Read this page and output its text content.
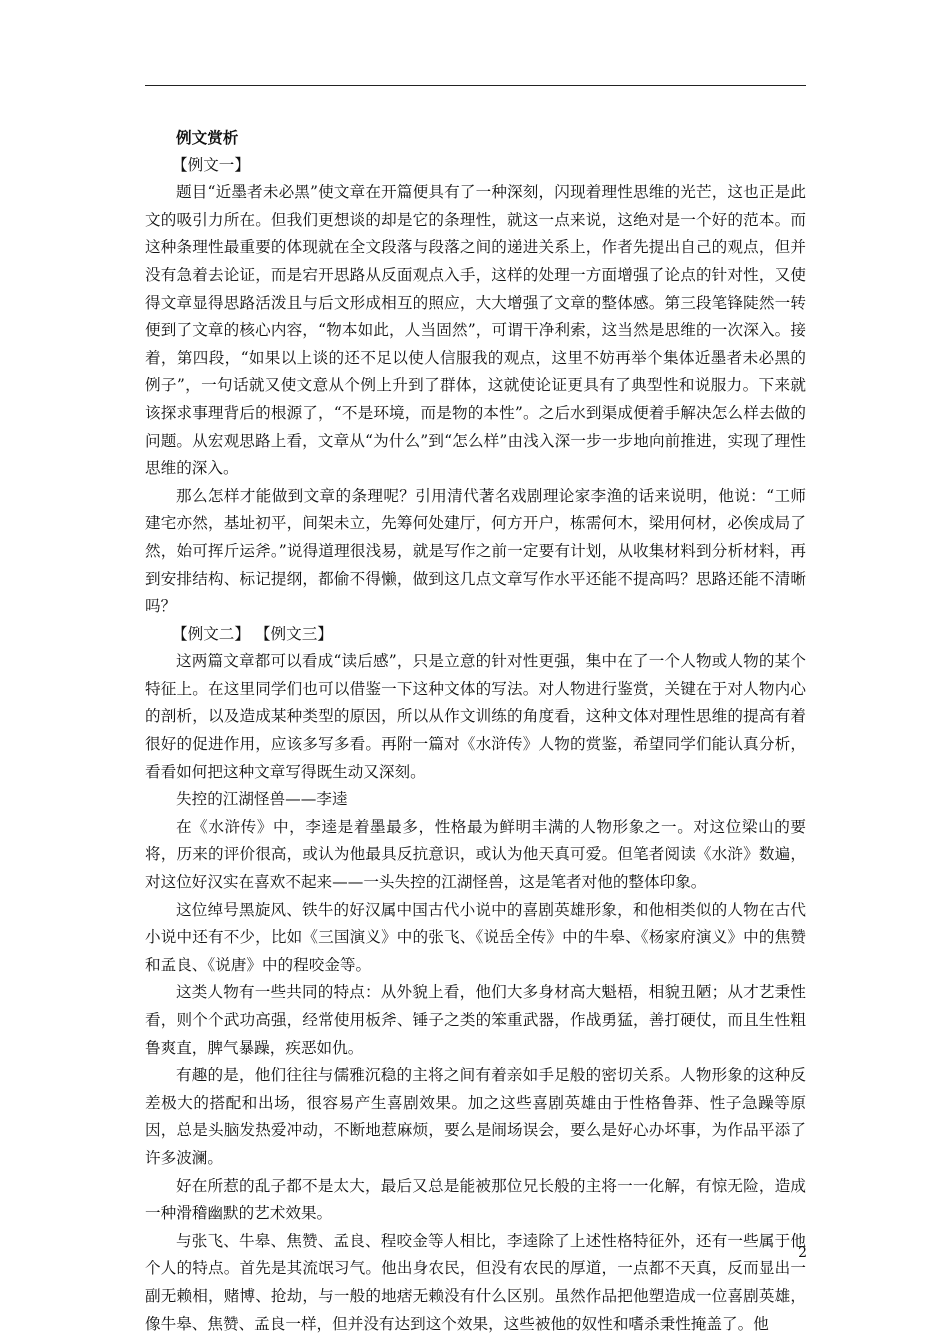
例文赏析

【例文一】

题目“近墨者未必黑”使文章在开篇便具有了一种深刻，闪现着理性思维的光芒，这也正是此文的吸引力所在。但我们更想谈的却是它的条理性，就这一点来说，这绝对是一个好的范本。而这种条理性最重要的体现就在全文段落与段落之间的递进关系上，作者先提出自己的观点，但并没有急着去论证，而是宕开思路从反面观点入手，这样的处理一方面增强了论点的针对性，又使得文章显得思路活泼且与后文形成相互的照应，大大增强了文章的整体感。第三段笔锋陡然一转便到了文章的核心内容，“物本如此，人当固然”，可谓干净利索，这当然是思维的一次深入。接着，第四段，“如果以上谈的还不足以使人信服我的观点，这里不妨再举个集体近墨者未必黑的例子”，一句话就又使文意从个例上升到了群体，这就使论证更具有了典型性和说服力。下来就该探求事理背后的根源了，“不是环境，而是物的本性”。之后水到渠成便着手解决怎么样去做的问题。从宏观思路上看，文章从“为什么”到“怎么样”由浅入深一步一步地向前推进，实现了理性思维的深入。

那么怎样才能做到文章的条理呢？引用清代著名戏剧理论家李渔的话来说明，他说：“工师建宅亦然，基址初平，间架未立，先筹何处建厅，何方开户，栋需何木，梁用何材，必俟成局了然，始可挥斤运斧。”说得道理很浅易，就是写作之前一定要有计划，从收集材料到分析材料，再到安排结构、标记提纲，都偷不得懒，做到这几点文章写作水平还能不提高吗？思路还能不清晰吗？

【例文二】 【例文三】

这两篇文章都可以看成“读后感”，只是立意的针对性更强，集中在了一个人物或人物的某个特征上。在这里同学们也可以借鉴一下这种文体的写法。对人物进行鉴赏，关键在于对人物内心的剖析，以及造成某种类型的原因，所以从作文训练的角度看，这种文体对理性思维的提高有着很好的促进作用，应该多写多看。再附一篇对《水浒传》人物的赏鉴，希望同学们能认真分析，看看如何把这种文章写得既生动又深刻。

失控的江湖怪兽——李逵

在《水浒传》中，李逵是着墨最多，性格最为鲜明丰满的人物形象之一。对这位梁山的要将，历来的评价很高，或认为他最具反抗意识，或认为他天真可爱。但笔者阅读《水浒》数遍，对这位好汉实在喜欢不起来——一头失控的江湖怪兽，这是笔者对他的整体印象。

这位绰号黑旋风、铁牛的好汉属中国古代小说中的喜剧英雄形象，和他相类似的人物在古代小说中还有不少，比如《三国演义》中的张飞、《说岳全传》中的牛皋、《杨家府演义》中的焦赞和孟良、《说唐》中的程咬金等。

这类人物有一些共同的特点：从外貌上看，他们大多身材高大魁梧，相貌丑陋；从才艺秉性看，则个个武功高强，经常使用板斧、锤子之类的笨重武器，作战勇猛，善打硬仗，而且生性粗鲁爽直，脾气暴躁，疾恶如仇。

有趣的是，他们往往与儒雅沉稳的主将之间有着亲如手足般的密切关系。人物形象的这种反差极大的搭配和出场，很容易产生喜剧效果。加之这些喜剧英雄由于性格鲁莽、性子急躁等原因，总是头脑发热爱冲动，不断地惹麻烦，要么是闹场误会，要么是好心办坏事，为作品平添了许多波澜。

好在所惹的乱子都不是太大，最后又总是能被那位兄长般的主将一一化解，有惊无险，造成一种滑稽幽默的艺术效果。

与张飞、牛皋、焦赞、孟良、程咬金等人相比，李逵除了上述性格特征外，还有一些属于他个人的特点。首先是其流氓习气。他出身农民，但没有农民的厚道，一点都不天真，反而显出一副无赖相，赌博、抢劫，与一般的地痞无赖没有什么区别。虽然作品把他塑造成一位喜剧英雄，像牛皋、焦赞、孟良一样，但并没有达到这个效果，这些被他的奴性和嗜杀秉性掩盖了。他

2
